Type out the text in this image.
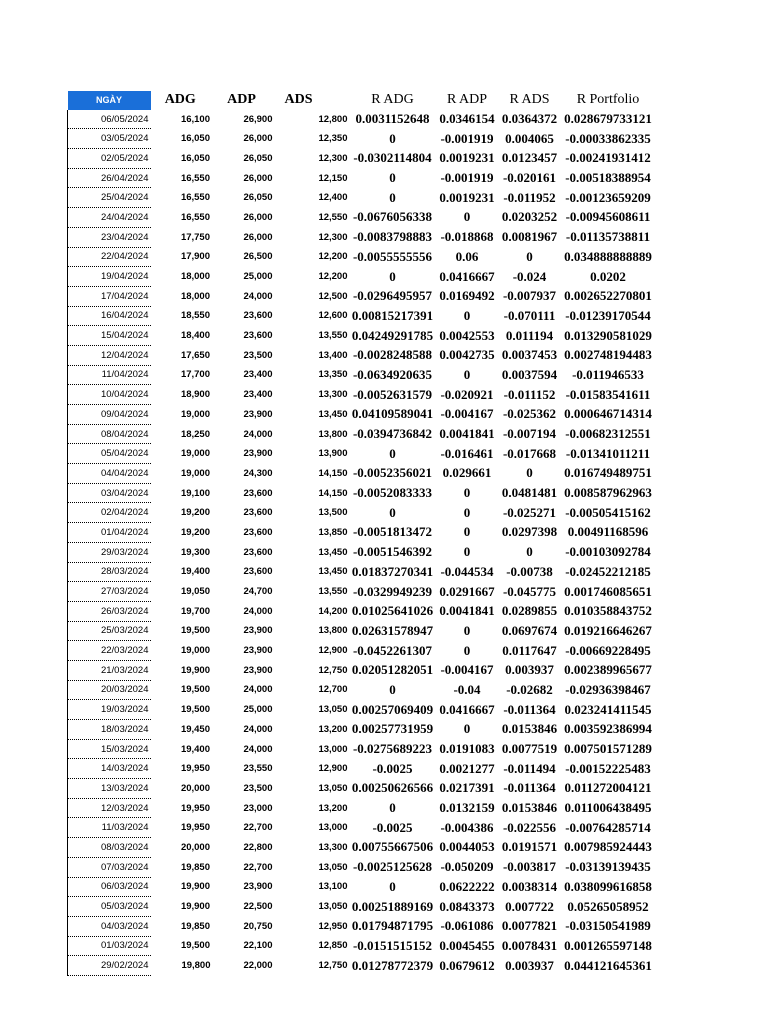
NGÀY	ADG	ADP	ADS	R ADG	R ADP	R ADS	R Portfolio
06/05/2024	16,100	26,900	12,800	0.0031152648	0.0346154	0.0364372	0.028679733121
03/05/2024	16,050	26,000	12,350	0	-0.001919	0.004065	-0.00033862335
02/05/2024	16,050	26,050	12,300	-0.0302114804	0.0019231	0.0123457	-0.00241931412
26/04/2024	16,550	26,000	12,150	0	-0.001919	-0.020161	-0.00518388954
25/04/2024	16,550	26,050	12,400	0	0.0019231	-0.011952	-0.00123659209
24/04/2024	16,550	26,000	12,550	-0.0676056338	0	0.0203252	-0.00945608611
23/04/2024	17,750	26,000	12,300	-0.0083798883	-0.018868	0.0081967	-0.01135738811
22/04/2024	17,900	26,500	12,200	-0.0055555556	0.06	0	0.034888888889
19/04/2024	18,000	25,000	12,200	0	0.0416667	-0.024	0.0202
17/04/2024	18,000	24,000	12,500	-0.0296495957	0.0169492	-0.007937	0.002652270801
16/04/2024	18,550	23,600	12,600	0.00815217391	0	-0.070111	-0.01239170544
15/04/2024	18,400	23,600	13,550	0.04249291785	0.0042553	0.011194	0.013290581029
12/04/2024	17,650	23,500	13,400	-0.0028248588	0.0042735	0.0037453	0.002748194483
11/04/2024	17,700	23,400	13,350	-0.0634920635	0	0.0037594	-0.011946533
10/04/2024	18,900	23,400	13,300	-0.0052631579	-0.020921	-0.011152	-0.01583541611
09/04/2024	19,000	23,900	13,450	0.04109589041	-0.004167	-0.025362	0.000646714314
08/04/2024	18,250	24,000	13,800	-0.0394736842	0.0041841	-0.007194	-0.00682312551
05/04/2024	19,000	23,900	13,900	0	-0.016461	-0.017668	-0.01341011211
04/04/2024	19,000	24,300	14,150	-0.0052356021	0.029661	0	0.016749489751
03/04/2024	19,100	23,600	14,150	-0.0052083333	0	0.0481481	0.008587962963
02/04/2024	19,200	23,600	13,500	0	0	-0.025271	-0.00505415162
01/04/2024	19,200	23,600	13,850	-0.0051813472	0	0.0297398	0.00491168596
29/03/2024	19,300	23,600	13,450	-0.0051546392	0	0	-0.00103092784
28/03/2024	19,400	23,600	13,450	0.01837270341	-0.044534	-0.00738	-0.02452212185
27/03/2024	19,050	24,700	13,550	-0.0329949239	0.0291667	-0.045775	0.001746085651
26/03/2024	19,700	24,000	14,200	0.01025641026	0.0041841	0.0289855	0.010358843752
25/03/2024	19,500	23,900	13,800	0.02631578947	0	0.0697674	0.019216646267
22/03/2024	19,000	23,900	12,900	-0.0452261307	0	0.0117647	-0.00669228495
21/03/2024	19,900	23,900	12,750	0.02051282051	-0.004167	0.003937	0.002389965677
20/03/2024	19,500	24,000	12,700	0	-0.04	-0.02682	-0.02936398467
19/03/2024	19,500	25,000	13,050	0.00257069409	0.0416667	-0.011364	0.023241411545
18/03/2024	19,450	24,000	13,200	0.00257731959	0	0.0153846	0.003592386994
15/03/2024	19,400	24,000	13,000	-0.0275689223	0.0191083	0.0077519	0.007501571289
14/03/2024	19,950	23,550	12,900	-0.0025	0.0021277	-0.011494	-0.00152225483
13/03/2024	20,000	23,500	13,050	0.00250626566	0.0217391	-0.011364	0.011272004121
12/03/2024	19,950	23,000	13,200	0	0.0132159	0.0153846	0.011006438495
11/03/2024	19,950	22,700	13,000	-0.0025	-0.004386	-0.022556	-0.00764285714
08/03/2024	20,000	22,800	13,300	0.00755667506	0.0044053	0.0191571	0.007985924443
07/03/2024	19,850	22,700	13,050	-0.0025125628	-0.050209	-0.003817	-0.03139139435
06/03/2024	19,900	23,900	13,100	0	0.0622222	0.0038314	0.038099616858
05/03/2024	19,900	22,500	13,050	0.00251889169	0.0843373	0.007722	0.05265058952
04/03/2024	19,850	20,750	12,950	0.01794871795	-0.061086	0.0077821	-0.03150541989
01/03/2024	19,500	22,100	12,850	-0.0151515152	0.0045455	0.0078431	0.001265597148
29/02/2024	19,800	22,000	12,750	0.01278772379	0.0679612	0.003937	0.044121645361
